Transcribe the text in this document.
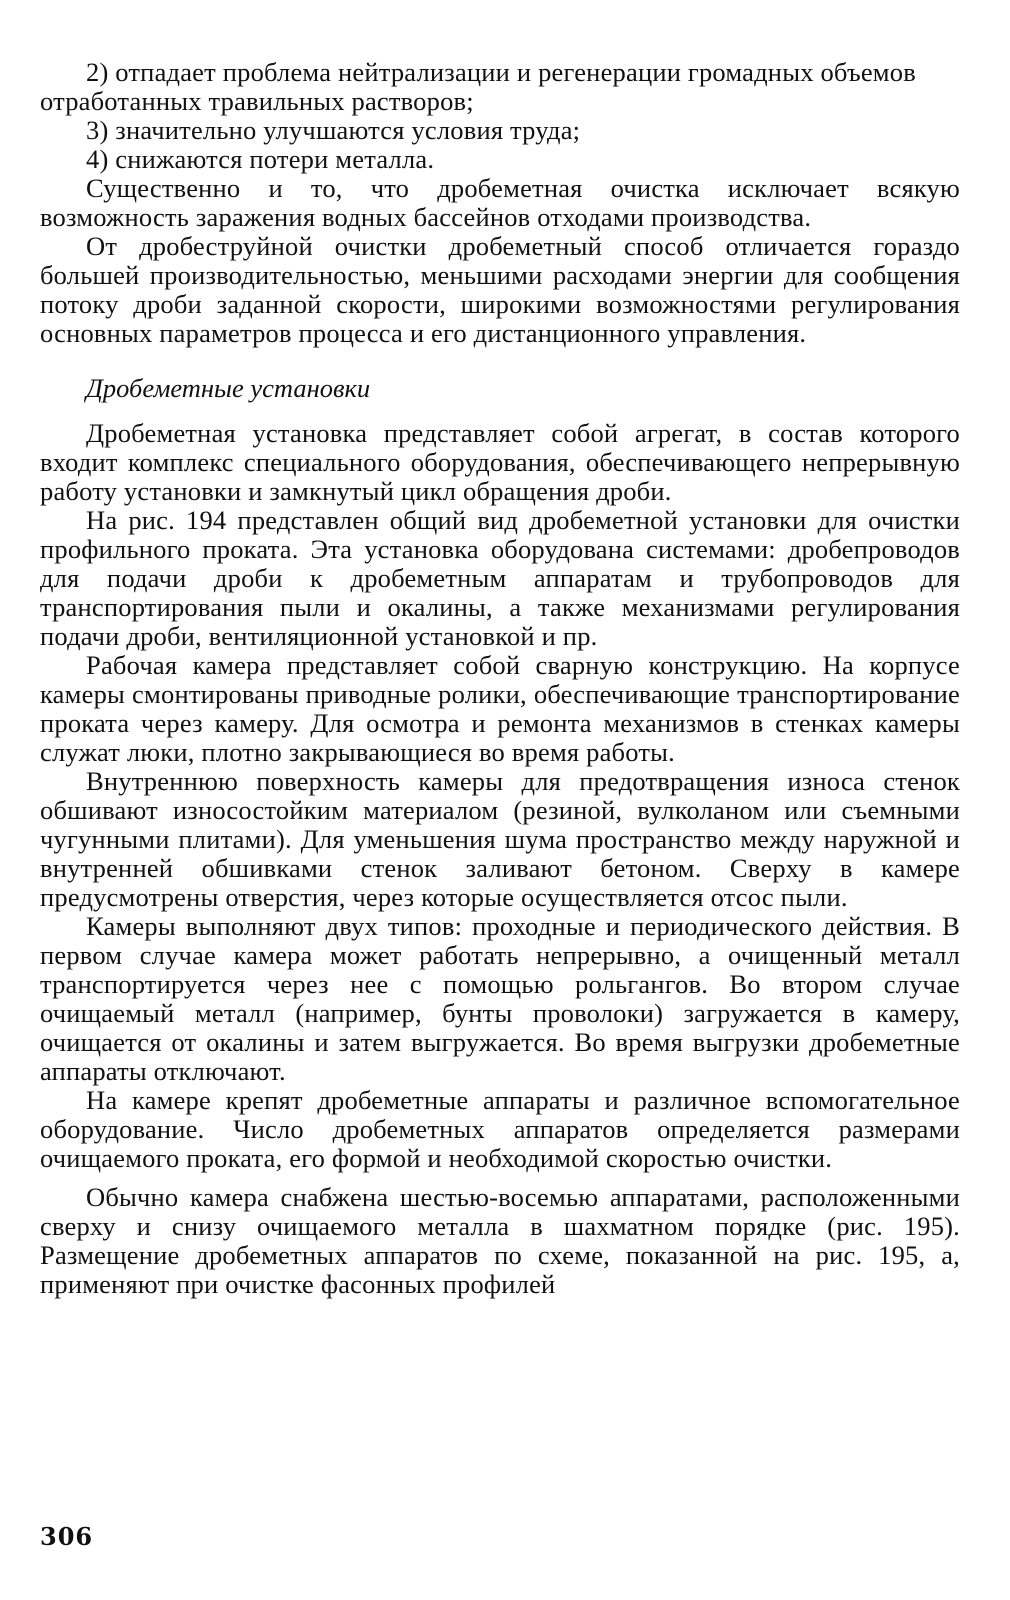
2) отпадает проблема нейтрализации и регенерации громадных объемов отработанных травильных растворов;

3) значительно улучшаются условия труда;

4) снижаются потери металла.

Существенно и то, что дробеметная очистка исключает всякую возможность заражения водных бассейнов отходами производства.

От дробеструйной очистки дробеметный способ отличается гораздо большей производительностью, меньшими расходами энергии для сообщения потоку дроби заданной скорости, широкими возможностями регулирования основных параметров процесса и его дистанционного управления.

Дробеметные установки

Дробеметная установка представляет собой агрегат, в состав которого входит комплекс специального оборудования, обеспечивающего непрерывную работу установки и замкнутый цикл обращения дроби.

На рис. 194 представлен общий вид дробеметной установки для очистки профильного проката. Эта установка оборудована системами: дробепроводов для подачи дроби к дробеметным аппаратам и трубопроводов для транспортирования пыли и окалины, а также механизмами регулирования подачи дроби, вентиляционной установкой и пр.

Рабочая камера представляет собой сварную конструкцию. На корпусе камеры смонтированы приводные ролики, обеспечивающие транспортирование проката через камеру. Для осмотра и ремонта механизмов в стенках камеры служат люки, плотно закрывающиеся во время работы.

Внутреннюю поверхность камеры для предотвращения износа стенок обшивают износостойким материалом (резиной, вулколаном или съемными чугунными плитами). Для уменьшения шума пространство между наружной и внутренней обшивками стенок заливают бетоном. Сверху в камере предусмотрены отверстия, через которые осуществляется отсос пыли.

Камеры выполняют двух типов: проходные и периодического действия. В первом случае камера может работать непрерывно, а очищенный металл транспортируется через нее с помощью рольгангов. Во втором случае очищаемый металл (например, бунты проволоки) загружается в камеру, очищается от окалины и затем выгружается. Во время выгрузки дробеметные аппараты отключают.

На камере крепят дробеметные аппараты и различное вспомогательное оборудование. Число дробеметных аппаратов определяется размерами очищаемого проката, его формой и необходимой скоростью очистки.

Обычно камера снабжена шестью-восемью аппаратами, расположенными сверху и снизу очищаемого металла в шахматном порядке (рис. 195). Размещение дробеметных аппаратов по схеме, показанной на рис. 195, а, применяют при очистке фасонных профилей

306
